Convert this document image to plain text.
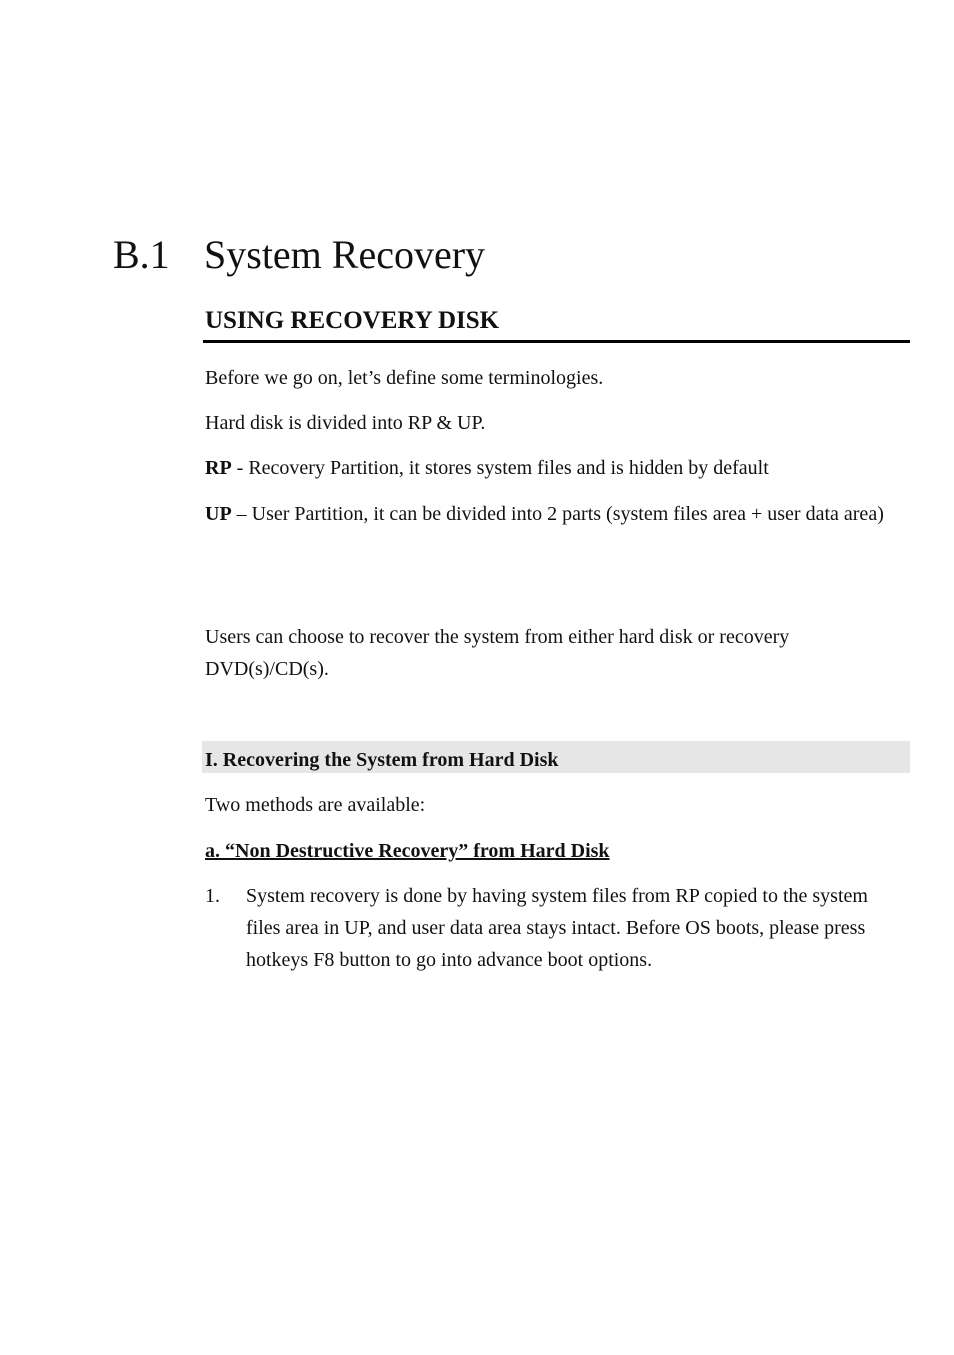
B.1 System Recovery
USING RECOVERY DISK

Before we go on, let’s define some terminologies.

Hard disk is divided into RP & UP.

RP - Recovery Partition, it stores system files and is hidden by default

UP – User Partition, it can be divided into 2 parts (system files area + user data area)

Users can choose to recover the system from either hard disk or recovery DVD(s)/CD(s).

I. Recovering the System from Hard Disk

Two methods are available:

a. “Non Destructive Recovery” from Hard Disk
1. System recovery is done by having system files from RP copied to the system files area in UP, and user data area stays intact. Before OS boots, please press hotkeys F8 button to go into advance boot options.
